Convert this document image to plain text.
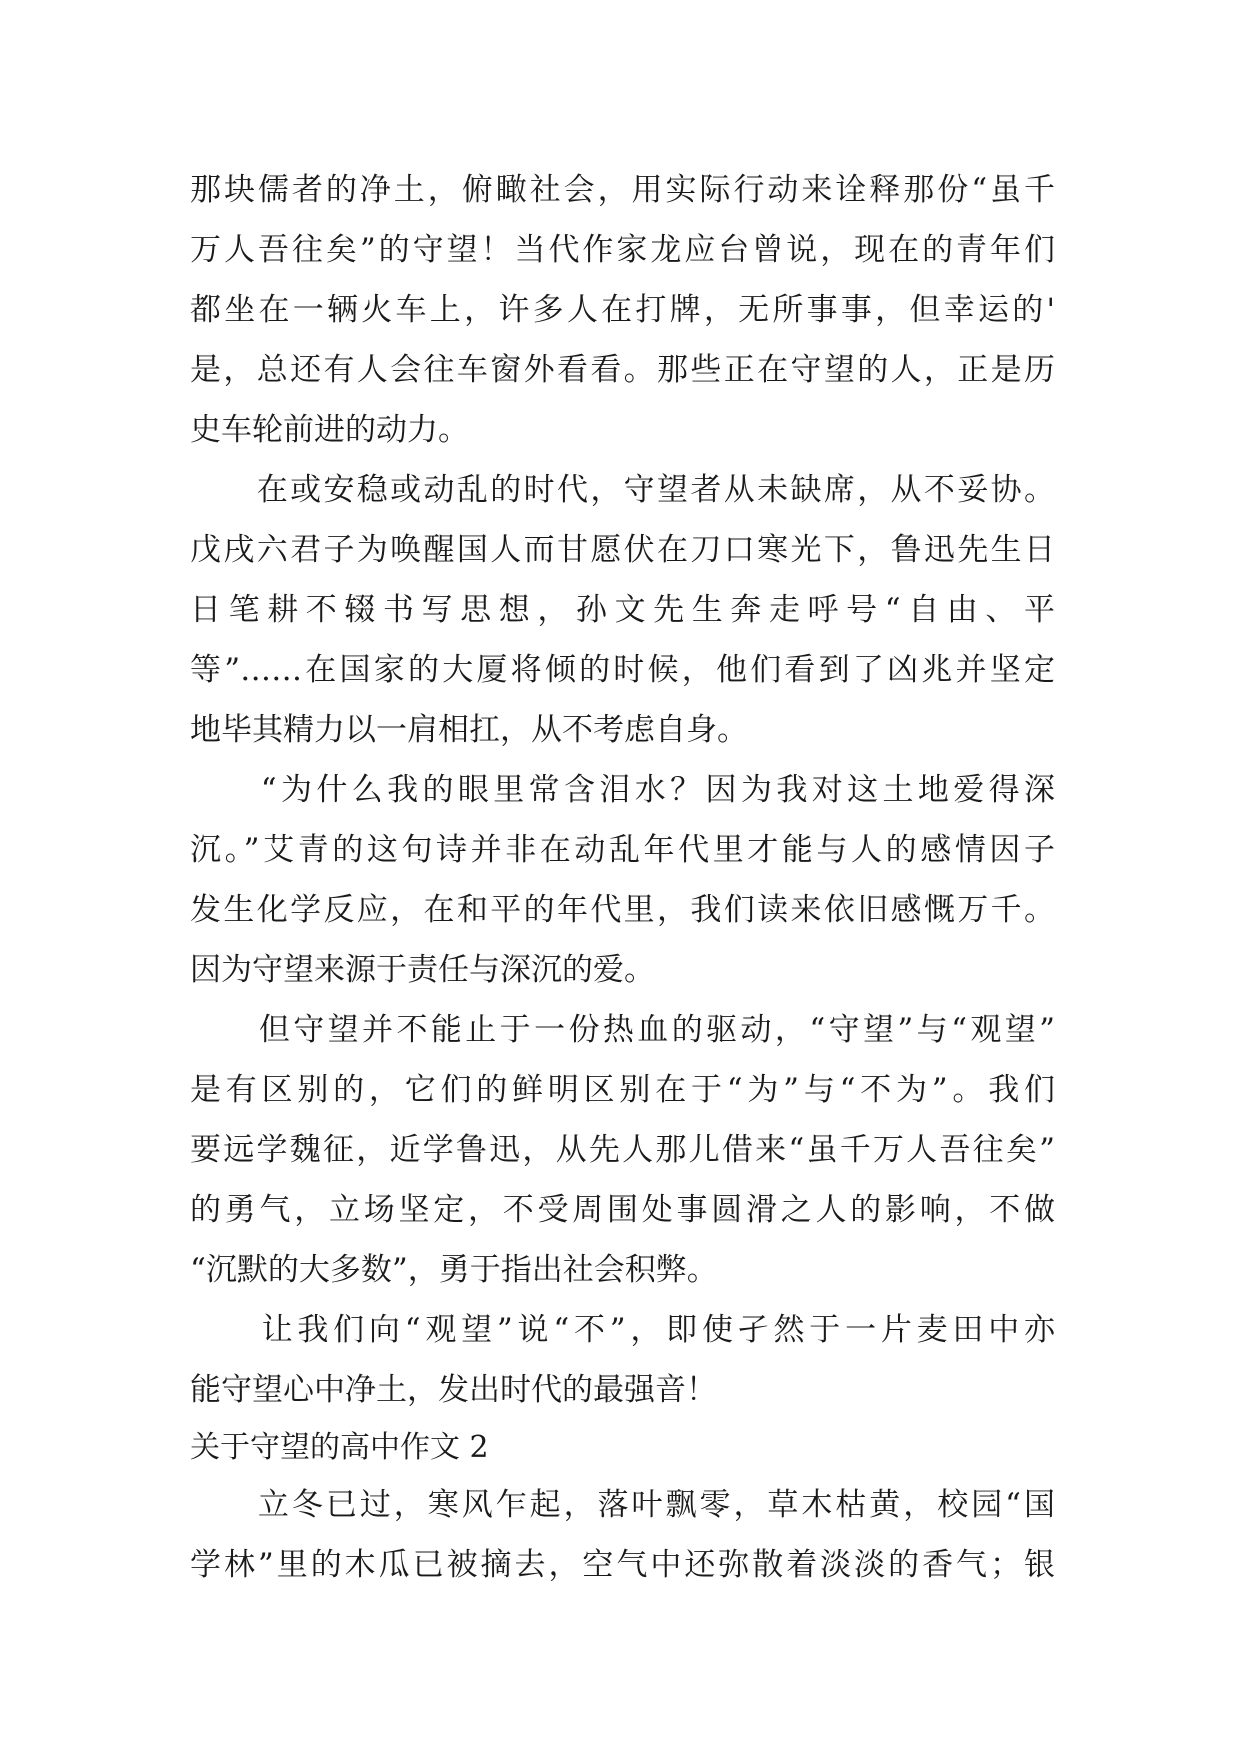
那块儒者的净土，俯瞰社会，用实际行动来诠释那份“虽千
万人吾往矣”的守望！当代作家龙应台曾说，现在的青年们
都坐在一辆火车上，许多人在打牌，无所事事，但幸运的'
是，总还有人会往车窗外看看。那些正在守望的人，正是历
史车轮前进的动力。
　　在或安稳或动乱的时代，守望者从未缺席，从不妥协。
戊戌六君子为唤醒国人而甘愿伏在刀口寒光下，鲁迅先生日
日笔耕不辍书写思想，孙文先生奔走呼号“自由、平
等”……在国家的大厦将倾的时候，他们看到了凶兆并坚定
地毕其精力以一肩相扛，从不考虑自身。
　　“为什么我的眼里常含泪水？因为我对这土地爱得深
沉。”艾青的这句诗并非在动乱年代里才能与人的感情因子
发生化学反应，在和平的年代里，我们读来依旧感慨万千。
因为守望来源于责任与深沉的爱。
　　但守望并不能止于一份热血的驱动，“守望”与“观望”
是有区别的，它们的鲜明区别在于“为”与“不为”。我们
要远学魏征，近学鲁迅，从先人那儿借来“虽千万人吾往矣”
的勇气，立场坚定，不受周围处事圆滑之人的影响，不做
“沉默的大多数”，勇于指出社会积弊。
　　让我们向“观望”说“不”，即使孑然于一片麦田中亦
能守望心中净土，发出时代的最强音！
关于守望的高中作文 2
　　立冬已过，寒风乍起，落叶飘零，草木枯黄，校园“国
学林”里的木瓜已被摘去，空气中还弥散着淡淡的香气；银
